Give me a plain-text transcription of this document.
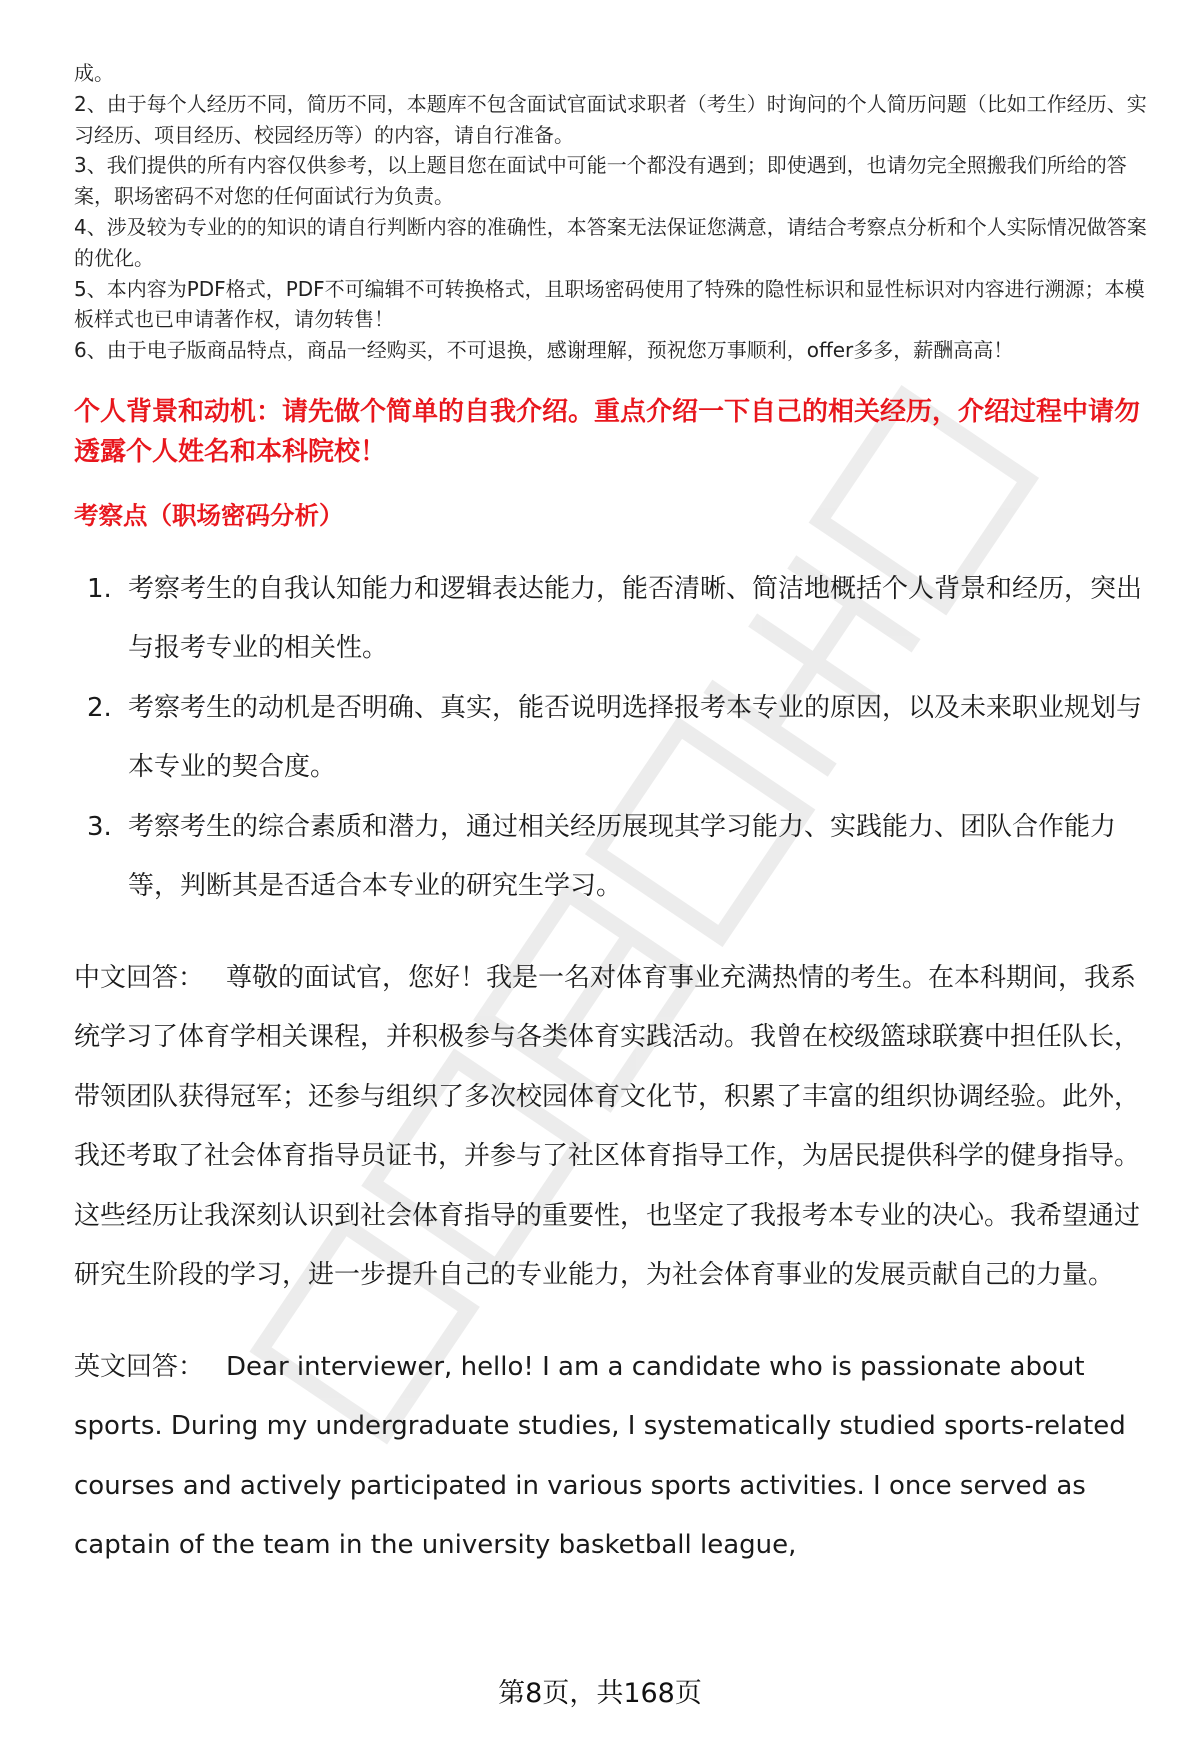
成。

2、由于每个人经历不同，简历不同，本题库不包含面试官面试求职者（考生）时询问的个人简历问题（比如工作经历、实习经历、项目经历、校园经历等）的内容，请自行准备。

3、我们提供的所有内容仅供参考，以上题目您在面试中可能一个都没有遇到；即使遇到，也请勿完全照搬我们所给的答案，职场密码不对您的任何面试行为负责。

4、涉及较为专业的的知识的请自行判断内容的准确性，本答案无法保证您满意，请结合考察点分析和个人实际情况做答案的优化。

5、本内容为PDF格式，PDF不可编辑不可转换格式，且职场密码使用了特殊的隐性标识和显性标识对内容进行溯源；本模板样式也已申请著作权，请勿转售！

6、由于电子版商品特点，商品一经购买，不可退换，感谢理解，预祝您万事顺利，offer多多，薪酬高高！

个人背景和动机：请先做个简单的自我介绍。重点介绍一下自己的相关经历，介绍过程中请勿透露个人姓名和本科院校！
考察点（职场密码分析）
1. 考察考生的自我认知能力和逻辑表达能力，能否清晰、简洁地概括个人背景和经历，突出与报考专业的相关性。
2. 考察考生的动机是否明确、真实，能否说明选择报考本专业的原因，以及未来职业规划与本专业的契合度。
3. 考察考生的综合素质和潜力，通过相关经历展现其学习能力、实践能力、团队合作能力等，判断其是否适合本专业的研究生学习。

中文回答： 尊敬的面试官，您好！我是一名对体育事业充满热情的考生。在本科期间，我系统学习了体育学相关课程，并积极参与各类体育实践活动。我曾在校级篮球联赛中担任队长，带领团队获得冠军；还参与组织了多次校园体育文化节，积累了丰富的组织协调经验。此外，我还考取了社会体育指导员证书，并参与了社区体育指导工作，为居民提供科学的健身指导。这些经历让我深刻认识到社会体育指导的重要性，也坚定了我报考本专业的决心。我希望通过研究生阶段的学习，进一步提升自己的专业能力，为社会体育事业的发展贡献自己的力量。

英文回答： Dear interviewer, hello! I am a candidate who is passionate about sports. During my undergraduate studies, I systematically studied sports-related courses and actively participated in various sports activities. I once served as captain of the team in the university basketball league,

第8页，共168页
